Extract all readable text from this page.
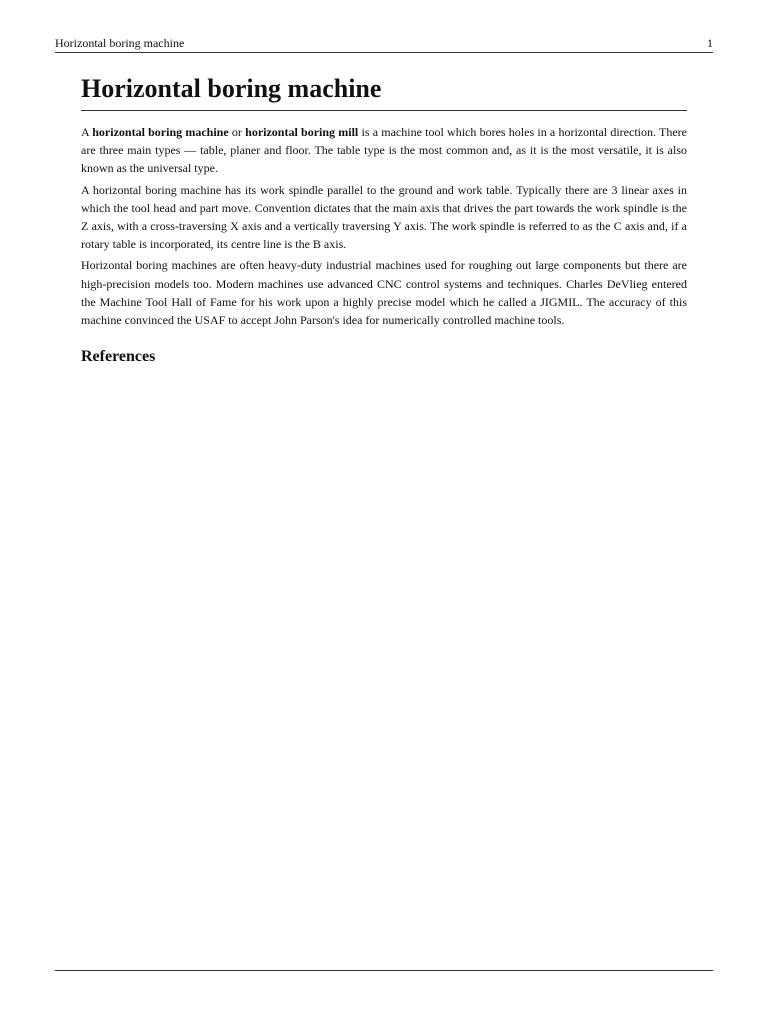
Horizontal boring machine	1
Horizontal boring machine

A horizontal boring machine or horizontal boring mill is a machine tool which bores holes in a horizontal direction. There are three main types — table, planer and floor. The table type is the most common and, as it is the most versatile, it is also known as the universal type.

A horizontal boring machine has its work spindle parallel to the ground and work table. Typically there are 3 linear axes in which the tool head and part move. Convention dictates that the main axis that drives the part towards the work spindle is the Z axis, with a cross-traversing X axis and a vertically traversing Y axis. The work spindle is referred to as the C axis and, if a rotary table is incorporated, its centre line is the B axis.

Horizontal boring machines are often heavy-duty industrial machines used for roughing out large components but there are high-precision models too. Modern machines use advanced CNC control systems and techniques. Charles DeVlieg entered the Machine Tool Hall of Fame for his work upon a highly precise model which he called a JIGMIL. The accuracy of this machine convinced the USAF to accept John Parson's idea for numerically controlled machine tools.

References
